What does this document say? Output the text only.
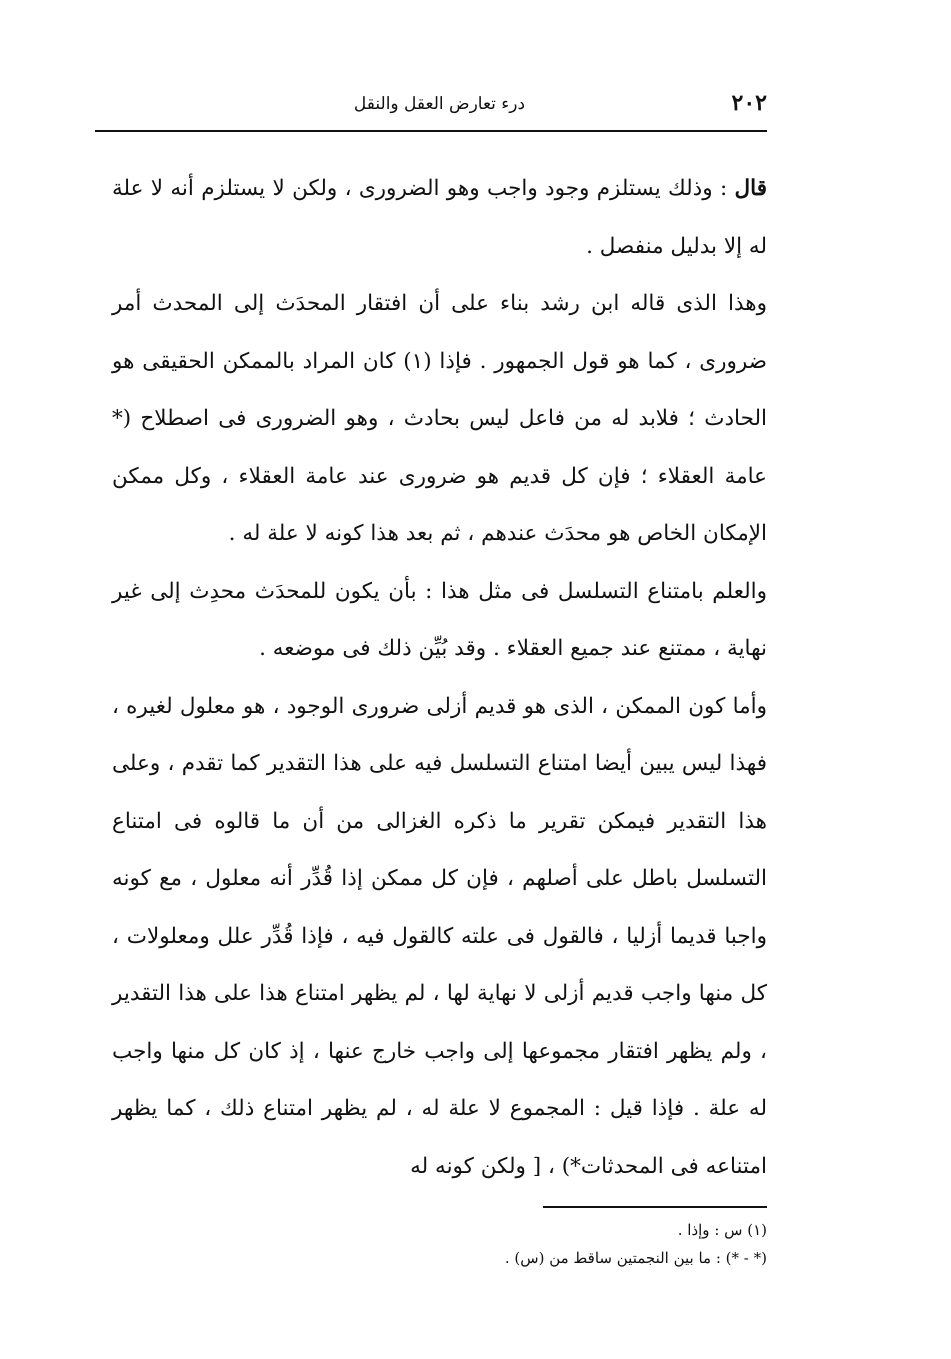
٢٠٢
درء تعارض العقل والنقل

قال : وذلك يستلزم وجود واجب وهو الضرورى ، ولكن لا يستلزم أنه لا علة له إلا بدليل منفصل .

وهذا الذى قاله ابن رشد بناء على أن افتقار المحدَث إلى المحدث أمر ضرورى ، كما هو قول الجمهور . فإذا (١) كان المراد بالممكن الحقيقى هو الحادث ؛ فلابد له من فاعل ليس بحادث ، وهو الضرورى فى اصطلاح (* عامة العقلاء ؛ فإن كل قديم هو ضرورى عند عامة العقلاء ، وكل ممكن الإمكان الخاص هو محدَث عندهم ، ثم بعد هذا كونه لا علة له .

والعلم بامتناع التسلسل فى مثل هذا : بأن يكون للمحدَث محدِث إلى غير نهاية ، ممتنع عند جميع العقلاء . وقد بُيِّن ذلك فى موضعه .

وأما كون الممكن ، الذى هو قديم أزلى ضرورى الوجود ، هو معلول لغيره ، فهذا ليس يبين أيضا امتناع التسلسل فيه على هذا التقدير كما تقدم ، وعلى هذا التقدير فيمكن تقرير ما ذكره الغزالى من أن ما قالوه فى امتناع التسلسل باطل على أصلهم ، فإن كل ممكن إذا قُدِّر أنه معلول ، مع كونه واجبا قديما أزليا ، فالقول فى علته كالقول فيه ، فإذا قُدِّر علل ومعلولات ، كل منها واجب قديم أزلى لا نهاية لها ، لم يظهر امتناع هذا على هذا التقدير ، ولم يظهر افتقار مجموعها إلى واجب خارج عنها ، إذ كان كل منها واجب له علة . فإذا قيل : المجموع لا علة له ، لم يظهر امتناع ذلك ، كما يظهر امتناعه فى المحدثات*) ، [ ولكن كونه له

(١) س : وإذا .

(* - *) : ما بين النجمتين ساقط من (س) .
